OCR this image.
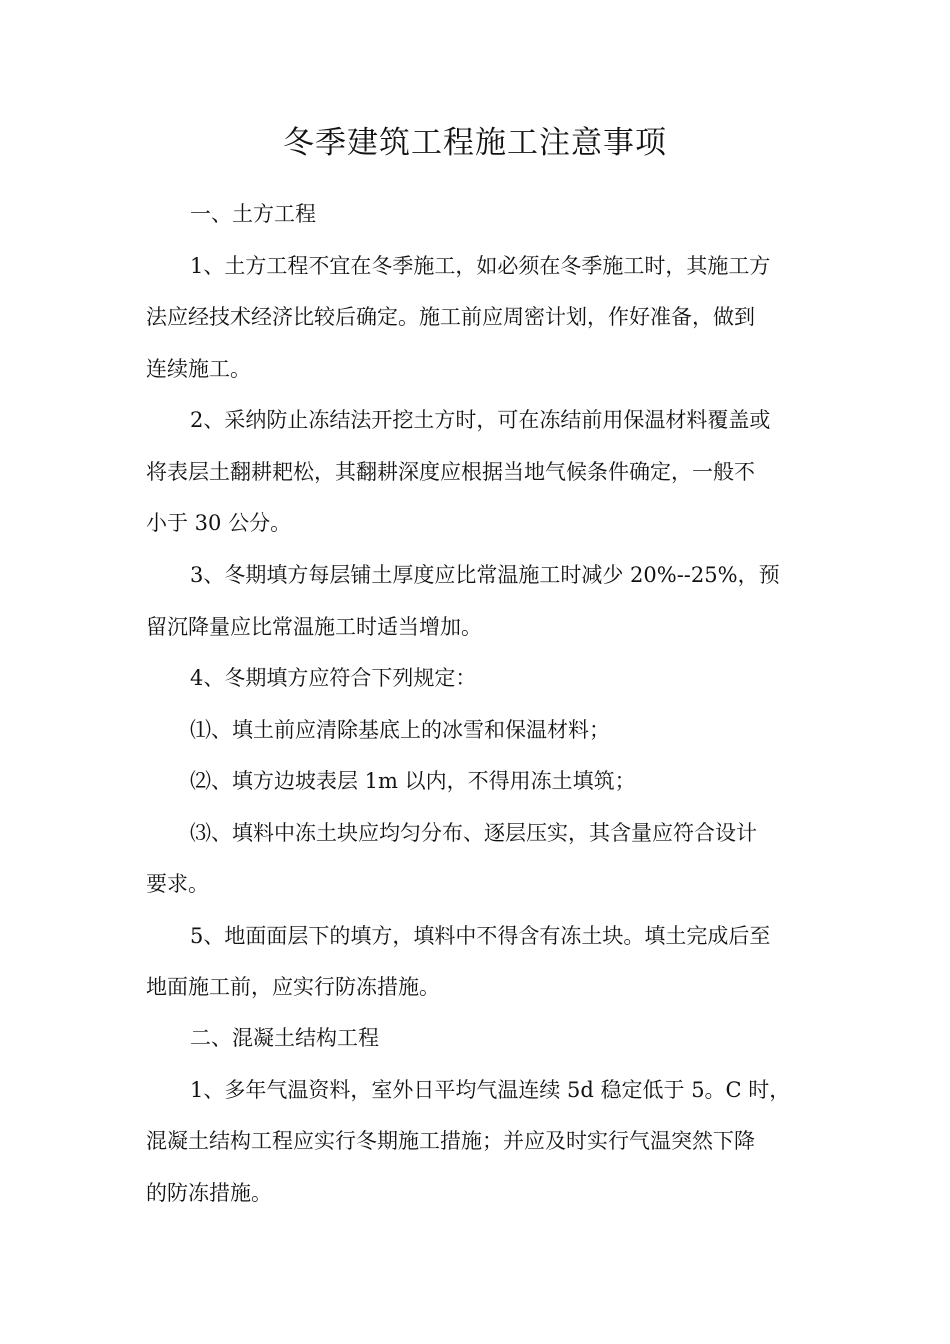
冬季建筑工程施工注意事项

一、土方工程

1、土方工程不宜在冬季施工，如必须在冬季施工时，其施工方

法应经技术经济比较后确定。施工前应周密计划，作好准备，做到

连续施工。

2、采纳防止冻结法开挖土方时，可在冻结前用保温材料覆盖或

将表层土翻耕耙松，其翻耕深度应根据当地气候条件确定，一般不

小于 30 公分。

3、冬期填方每层铺土厚度应比常温施工时减少 20%--25%，预

留沉降量应比常温施工时适当增加。

4、冬期填方应符合下列规定：

⑴、填土前应清除基底上的冰雪和保温材料；

⑵、填方边坡表层 1m 以内，不得用冻土填筑；

⑶、填料中冻土块应均匀分布、逐层压实，其含量应符合设计

要求。

5、地面面层下的填方，填料中不得含有冻土块。填土完成后至

地面施工前，应实行防冻措施。

二、混凝土结构工程

1、多年气温资料，室外日平均气温连续 5d 稳定低于 5。C 时，

混凝土结构工程应实行冬期施工措施；并应及时实行气温突然下降

的防冻措施。
